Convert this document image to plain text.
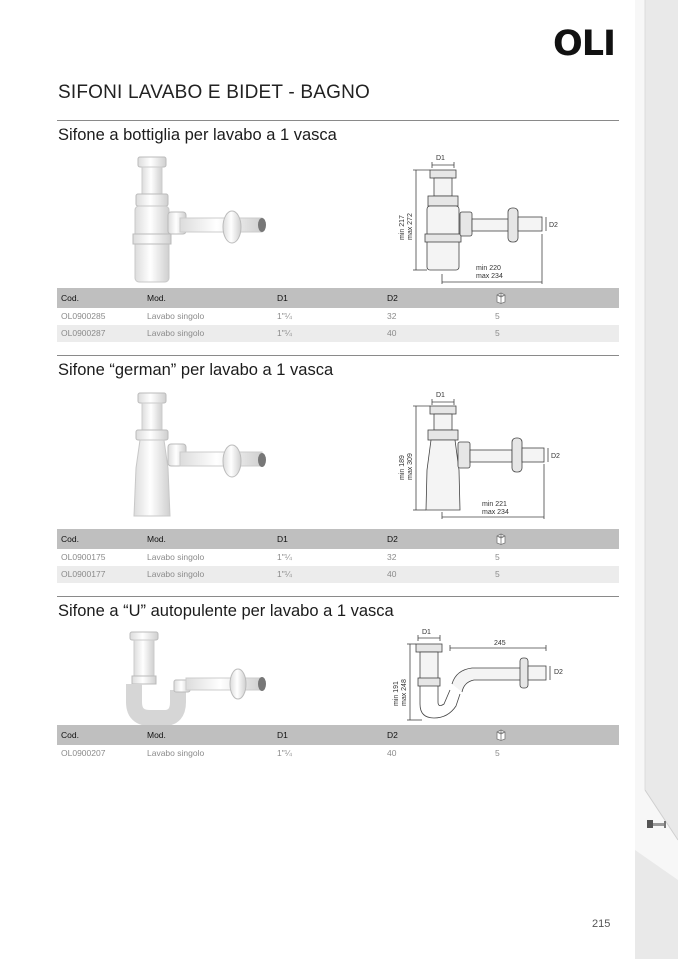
OLI
SIFONI LAVABO E BIDET - BAGNO
Sifone a bottiglia per lavabo a 1 vasca
D1
D2
min 217 max 272
min 220
max 234
Cod.	Mod.	D1	D2
OL0900285	Lavabo singolo	1"¼	32	5
OL0900287	Lavabo singolo	1"¼	40	5
Sifone “german” per lavabo a 1 vasca
D1
D2
min 189 max 309
min 221
max 234
Cod.	Mod.	D1	D2
OL0900175	Lavabo singolo	1"¼	32	5
OL0900177	Lavabo singolo	1"¼	40	5
Sifone a “U” autopulente per lavabo a 1 vasca
D1
245
D2
min 191 max 248
Cod.	Mod.	D1	D2
OL0900207	Lavabo singolo	1"¼	40	5
215
